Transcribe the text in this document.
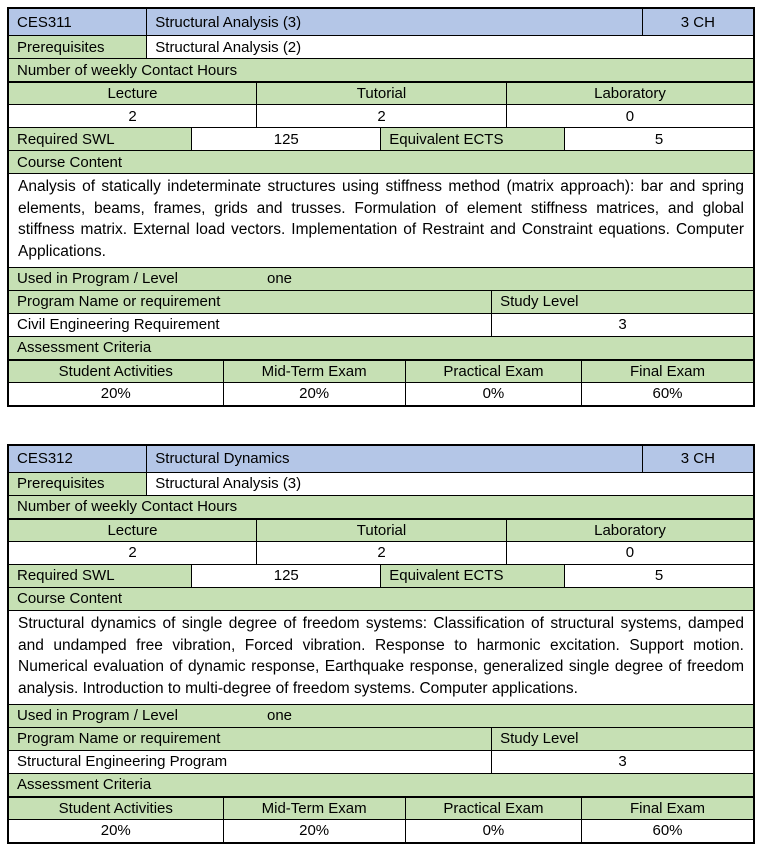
CES311	Structural Analysis (3)	3 CH
Prerequisites	Structural Analysis (2)
Number of weekly Contact Hours
Lecture	Tutorial	Laboratory
2	2	0
Required SWL	125	Equivalent ECTS	5
Course Content
Analysis of statically indeterminate structures using stiffness method (matrix approach): bar and spring elements, beams, frames, grids and trusses. Formulation of element stiffness matrices, and global stiffness matrix. External load vectors. Implementation of Restraint and Constraint equations. Computer Applications.
Used in Program / Level	one
Program Name or requirement	Study Level
Civil Engineering Requirement	3
Assessment Criteria
Student Activities	Mid-Term Exam	Practical Exam	Final Exam
20%	20%	0%	60%
CES312	Structural Dynamics	3 CH
Prerequisites	Structural Analysis (3)
Number of weekly Contact Hours
Lecture	Tutorial	Laboratory
2	2	0
Required SWL	125	Equivalent ECTS	5
Course Content
Structural dynamics of single degree of freedom systems: Classification of structural systems, damped and undamped free vibration, Forced vibration. Response to harmonic excitation. Support motion. Numerical evaluation of dynamic response, Earthquake response, generalized single degree of freedom analysis. Introduction to multi-degree of freedom systems. Computer applications.
Used in Program / Level	one
Program Name or requirement	Study Level
Structural Engineering Program	3
Assessment Criteria
Student Activities	Mid-Term Exam	Practical Exam	Final Exam
20%	20%	0%	60%
